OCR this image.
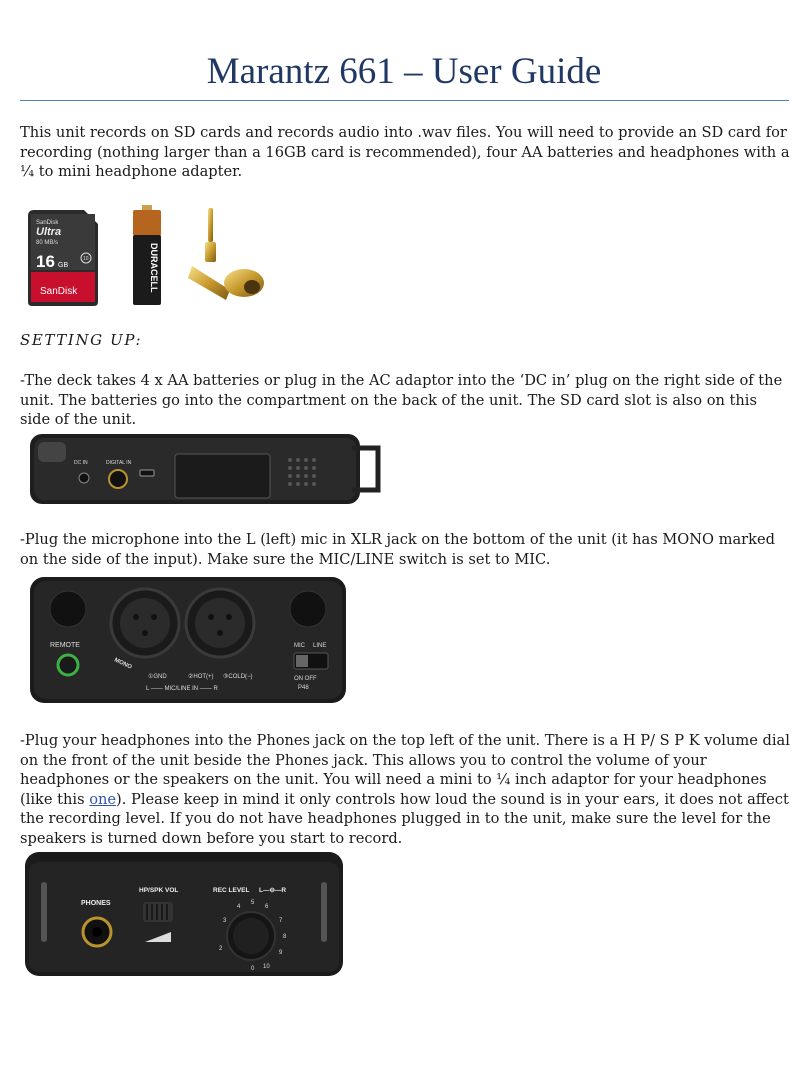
Marantz 661 – User Guide

This unit records on SD cards and records audio into .wav files. You will need to provide an SD card for recording (nothing larger than a 16GB card is recommended), four AA batteries and headphones with a ¼ to mini headphone adapter.

SanDisk
Ultra
80 MB/s
16 GB
10
SanDisk	DURACELL
SETTING UP:

-The deck takes 4 x AA batteries or plug in the AC adaptor into the ‘DC in’ plug on the right side of the unit. The batteries go into the compartment on the back of the unit. The SD card slot is also on this side of the unit.

DC IN	DIGITAL IN

-Plug the microphone into the L (left) mic in XLR jack on the bottom of the unit (it has MONO marked on the side of the input). Make sure the MIC/LINE switch is set to MIC.

REMOTE
MONO
①GND	②HOT(+) ③COLD(−)
L —— MIC/LINE IN —— R
MIC LINE
ON OFF
P48

-Plug your headphones into the Phones jack on the top left of the unit. There is a H P/ S P K volume dial on the front of the unit beside the Phones jack. This allows you to control the volume of your headphones or the speakers on the unit. You will need a mini to ¼ inch adaptor for your headphones (like this one). Please keep in mind it only controls how loud the sound is in your ears, it does not affect the recording level. If you do not have headphones plugged in to the unit, make sure the level for the speakers is turned down before you start to record.

PHONES
HP/SPK VOL	REC LEVEL L—⊖—R
0
2
3
4
5
6
7
8
9
10
